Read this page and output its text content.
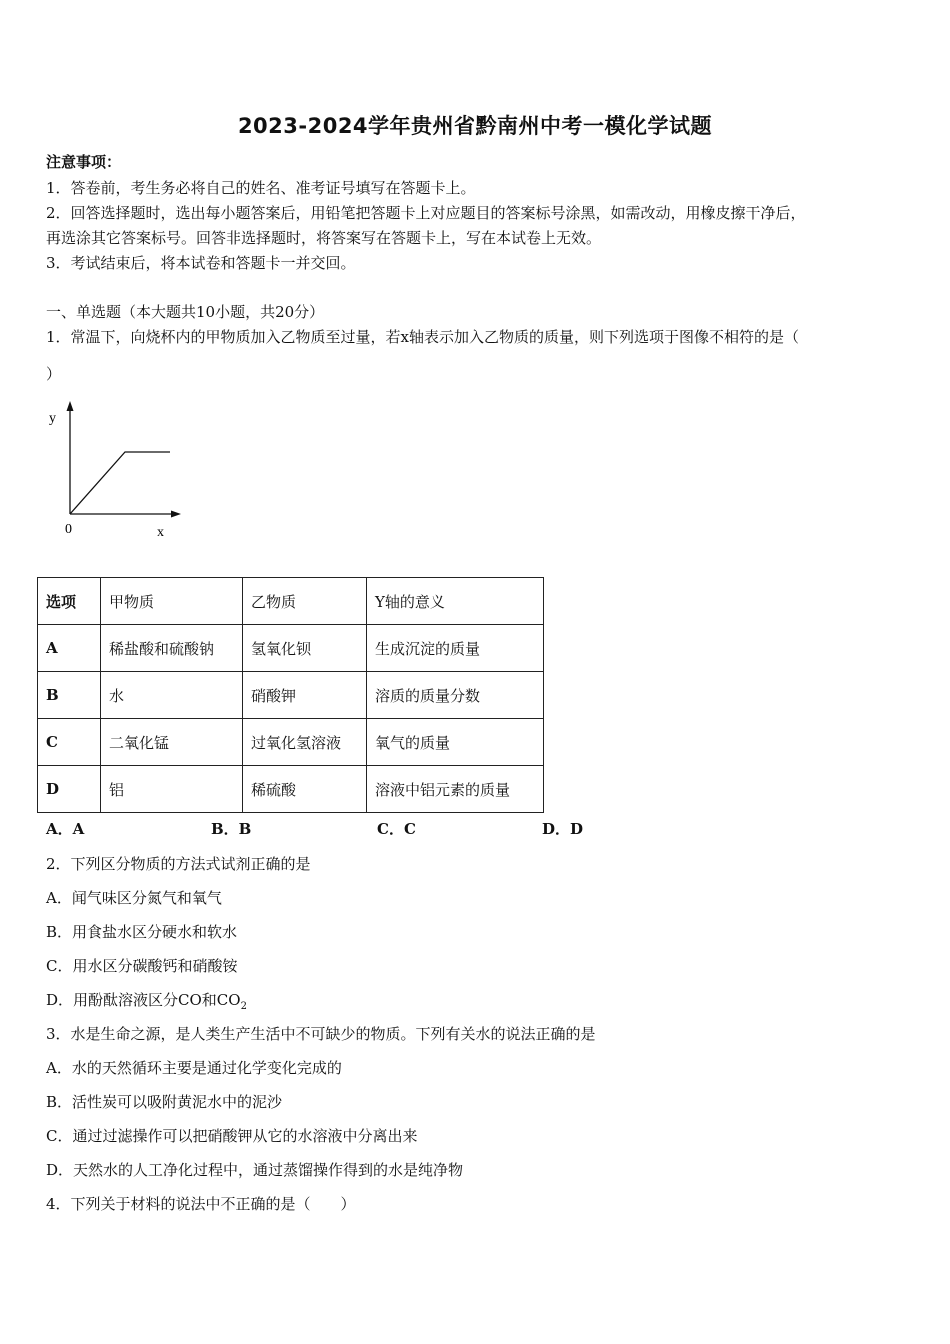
2023-2024学年贵州省黔南州中考一模化学试题
注意事项：
1．答卷前，考生务必将自己的姓名、准考证号填写在答题卡上。
2．回答选择题时，选出每小题答案后，用铅笔把答题卡上对应题目的答案标号涂黑，如需改动，用橡皮擦干净后，
再选涂其它答案标号。回答非选择题时，将答案写在答题卡上，写在本试卷上无效。
3．考试结束后，将本试卷和答题卡一并交回。
一、单选题（本大题共10小题，共20分）
1．常温下，向烧杯内的甲物质加入乙物质至过量，若x轴表示加入乙物质的质量，则下列选项于图像不相符的是（
）
y
0	x
选项	甲物质	乙物质	Y轴的意义
A	稀盐酸和硫酸钠	氢氧化钡	生成沉淀的质量
B	水	硝酸钾	溶质的质量分数
C	二氧化锰	过氧化氢溶液	氧气的质量
D	铝	稀硫酸	溶液中铝元素的质量
A．A	B．B	C．C	D．D
2．下列区分物质的方法式试剂正确的是
A．闻气味区分氮气和氧气
B．用食盐水区分硬水和软水
C．用水区分碳酸钙和硝酸铵
D．用酚酞溶液区分CO和$CO_2$
3．水是生命之源，是人类生产生活中不可缺少的物质。下列有关水的说法正确的是
A．水的天然循环主要是通过化学变化完成的
B．活性炭可以吸附黄泥水中的泥沙
C．通过过滤操作可以把硝酸钾从它的水溶液中分离出来
D．天然水的人工净化过程中，通过蒸馏操作得到的水是纯净物
4．下列关于材料的说法中不正确的是（　　）
